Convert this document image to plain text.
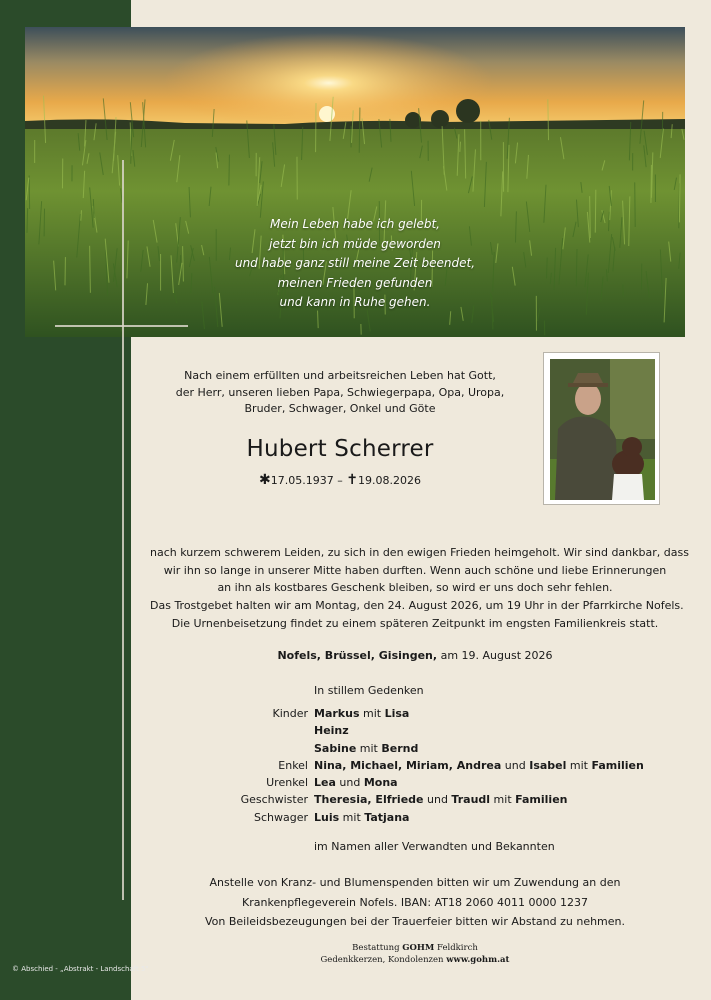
© Abschied - „Abstrakt - Landschaft 5"
Mein Leben habe ich gelebt,
jetzt bin ich müde geworden
und habe ganz still meine Zeit beendet,
meinen Frieden gefunden
und kann in Ruhe gehen.
Nach einem erfüllten und arbeitsreichen Leben hat Gott,
der Herr, unseren lieben Papa, Schwiegerpapa, Opa, Uropa,
Bruder, Schwager, Onkel und Göte
Hubert Scherrer
✱17.05.1937 – ✝19.08.2026
nach kurzem schwerem Leiden, zu sich in den ewigen Frieden heimgeholt. Wir sind dankbar, dass
wir ihn so lange in unserer Mitte haben durften. Wenn auch schöne und liebe Erinnerungen
an ihn als kostbares Geschenk bleiben, so wird er uns doch sehr fehlen.
Das Trostgebet halten wir am Montag, den 24. August 2026, um 19 Uhr in der Pfarrkirche Nofels.
Die Urnenbeisetzung findet zu einem späteren Zeitpunkt im engsten Familienkreis statt.
Nofels, Brüssel, Gisingen, am 19. August 2026
In stillem Gedenken
Kinder Markus mit Lisa
Heinz
Sabine mit Bernd
Enkel Nina, Michael, Miriam, Andrea und Isabel mit Familien
Urenkel Lea und Mona
Geschwister Theresia, Elfriede und Traudl mit Familien
Schwager Luis mit Tatjana
im Namen aller Verwandten und Bekannten
Anstelle von Kranz- und Blumenspenden bitten wir um Zuwendung an den
Krankenpflegeverein Nofels. IBAN: AT18 2060 4011 0000 1237
Von Beileidsbezeugungen bei der Trauerfeier bitten wir Abstand zu nehmen.
Bestattung GOHM Feldkirch
Gedenkkerzen, Kondolenzen www.gohm.at
